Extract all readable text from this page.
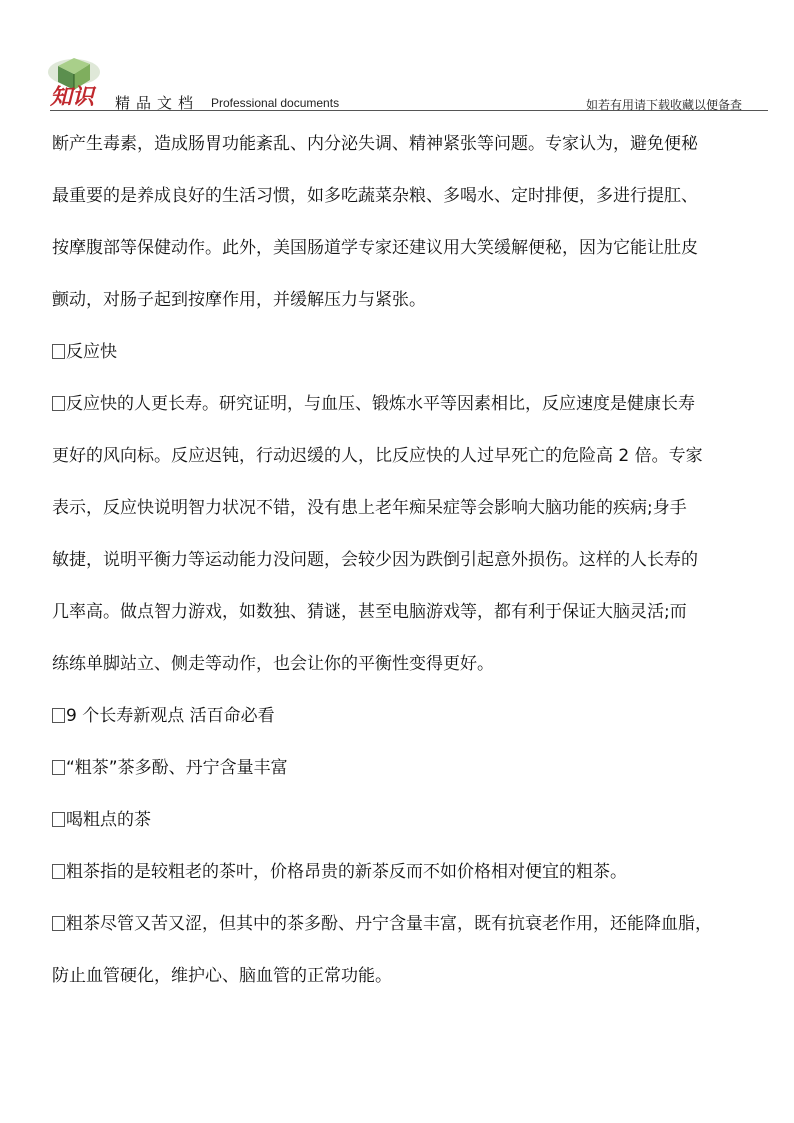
知识 精品文档 Professional documents	如若有用请下载收藏以便备查
断产生毒素，造成肠胃功能紊乱、内分泌失调、精神紧张等问题。专家认为，避免便秘
最重要的是养成良好的生活习惯，如多吃蔬菜杂粮、多喝水、定时排便，多进行提肛、
按摩腹部等保健动作。此外，美国肠道学专家还建议用大笑缓解便秘，因为它能让肚皮
颤动，对肠子起到按摩作用，并缓解压力与紧张。
反应快
反应快的人更长寿。研究证明，与血压、锻炼水平等因素相比，反应速度是健康长寿
更好的风向标。反应迟钝，行动迟缓的人，比反应快的人过早死亡的危险高 2 倍。专家
表示，反应快说明智力状况不错，没有患上老年痴呆症等会影响大脑功能的疾病;身手
敏捷，说明平衡力等运动能力没问题，会较少因为跌倒引起意外损伤。这样的人长寿的
几率高。做点智力游戏，如数独、猜谜，甚至电脑游戏等，都有利于保证大脑灵活;而
练练单脚站立、侧走等动作，也会让你的平衡性变得更好。
9 个长寿新观点 活百命必看
“粗茶”茶多酚、丹宁含量丰富
喝粗点的茶
粗茶指的是较粗老的茶叶，价格昂贵的新茶反而不如价格相对便宜的粗茶。
粗茶尽管又苦又涩，但其中的茶多酚、丹宁含量丰富，既有抗衰老作用，还能降血脂，
防止血管硬化，维护心、脑血管的正常功能。
